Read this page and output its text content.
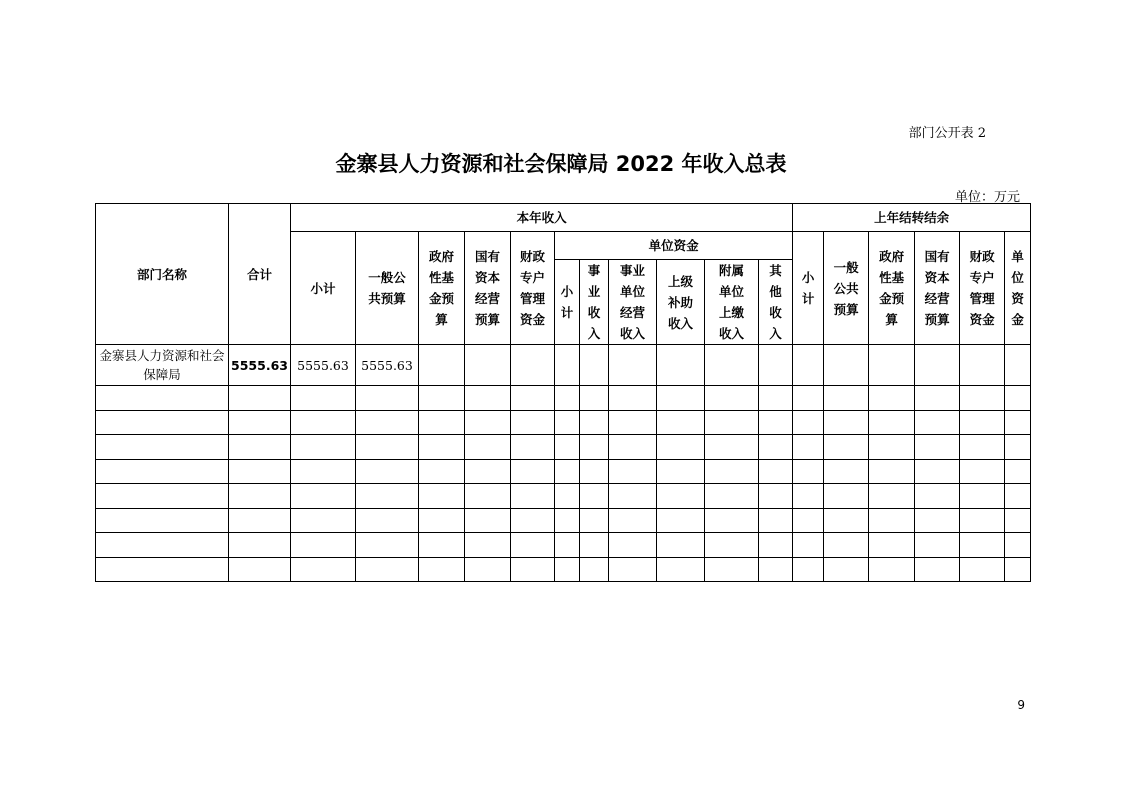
部门公开表 2
金寨县人力资源和社会保障局 2022 年收入总表
单位：万元
部门名称	合计	本年收入											上年结转结余					
		小计	一般公共预算	政府性基金预算	国有资本经营预算	财政专户管理资金	单位资金						小计	一般公共预算	政府性基金预算	国有资本经营预算	财政专户管理资金	单位资金

							小计	事业收入	事业单位经营收入	上级补助收入	附属单位上缴收入	其他收入						

金寨县人力资源和社会保障局	5555.63	5555.63	5555.63															

9
